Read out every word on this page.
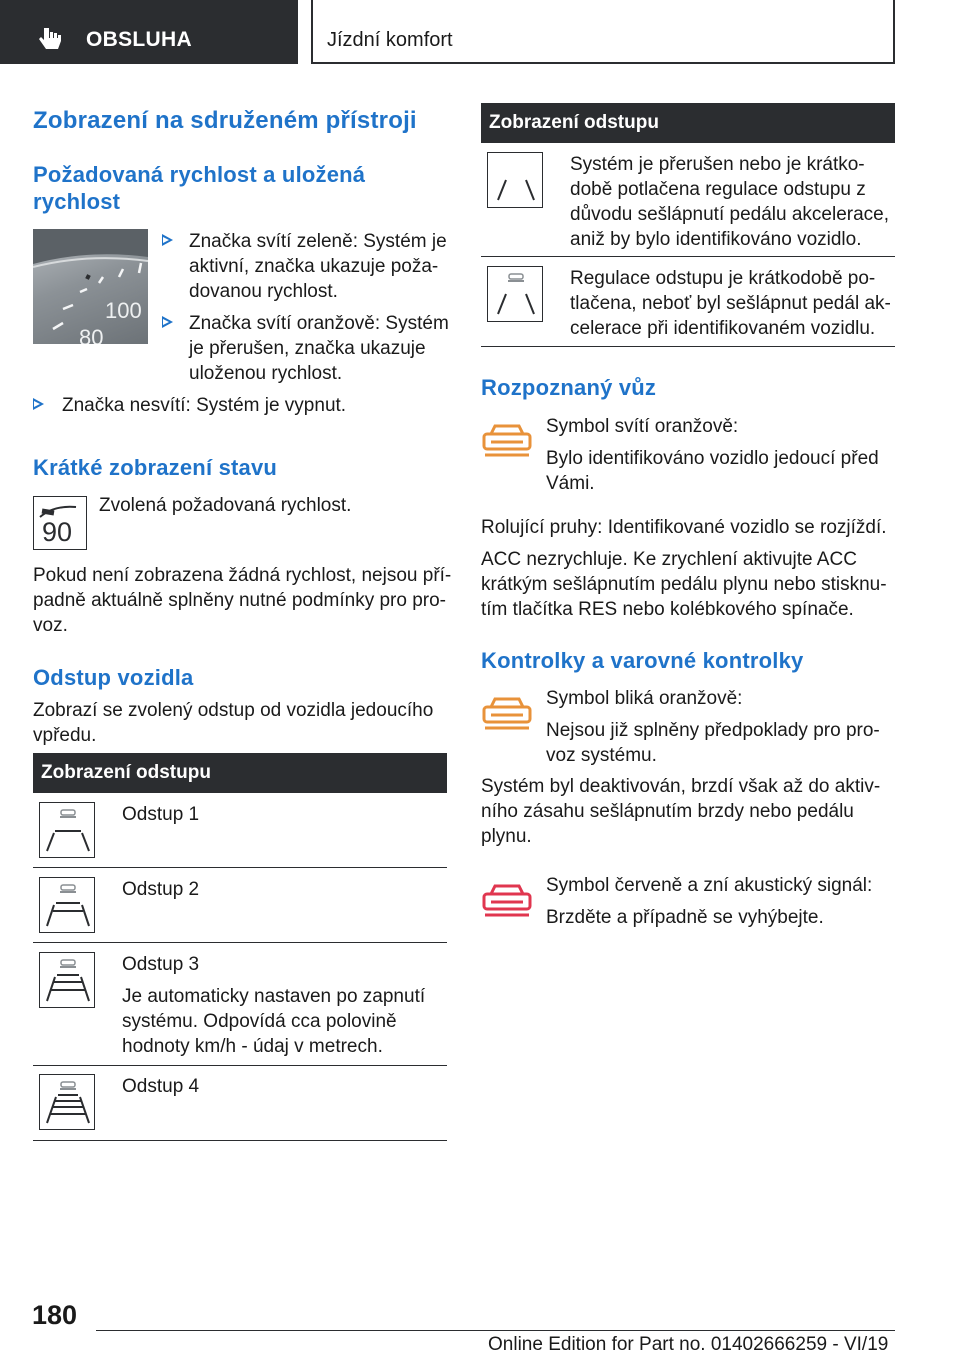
OBSLUHA	Jízdní komfort
Zobrazení na sdruženém přístroji
Požadovaná rychlost a uložená
rychlost
100
80
Značka svítí zeleně: Systém je
aktivní, značka ukazuje poža‐
dovanou rychlost.
Značka svítí oranžově: Systém
je přerušen, značka ukazuje
uloženou rychlost.
Značka nesvítí: Systém je vypnut.
Krátké zobrazení stavu
90
Zvolená požadovaná rychlost.
Pokud není zobrazena žádná rychlost, nejsou pří‐
padně aktuálně splněny nutné podmínky pro pro‐
voz.
Odstup vozidla
Zobrazí se zvolený odstup od vozidla jedoucího
vpředu.
Zobrazení odstupu
Odstup 1
Odstup 2
Odstup 3
Je automaticky nastaven po zapnutí
systému. Odpovídá cca polovině
hodnoty km/h - údaj v metrech.
Odstup 4
Zobrazení odstupu
Systém je přerušen nebo je krátko‐
době potlačena regulace odstupu z
důvodu sešlápnutí pedálu akcelerace,
aniž by bylo identifikováno vozidlo.
Regulace odstupu je krátkodobě po‐
tlačena, neboť byl sešlápnut pedál ak‐
celerace při identifikovaném vozidlu.
Rozpoznaný vůz
Symbol svítí oranžově:
Bylo identifikováno vozidlo jedoucí před
Vámi.
Rolující pruhy: Identifikované vozidlo se rozjíždí.
ACC nezrychluje. Ke zrychlení aktivujte ACC
krátkým sešlápnutím pedálu plynu nebo stisknu‐
tím tlačítka RES nebo kolébkového spínače.
Kontrolky a varovné kontrolky
Symbol bliká oranžově:
Nejsou již splněny předpoklady pro pro‐
voz systému.
Systém byl deaktivován, brzdí však až do aktiv‐
ního zásahu sešlápnutím brzdy nebo pedálu
plynu.
Symbol červeně a zní akustický signál:
Brzděte a případně se vyhýbejte.
180
Online Edition for Part no. 01402666259 - VI/19
